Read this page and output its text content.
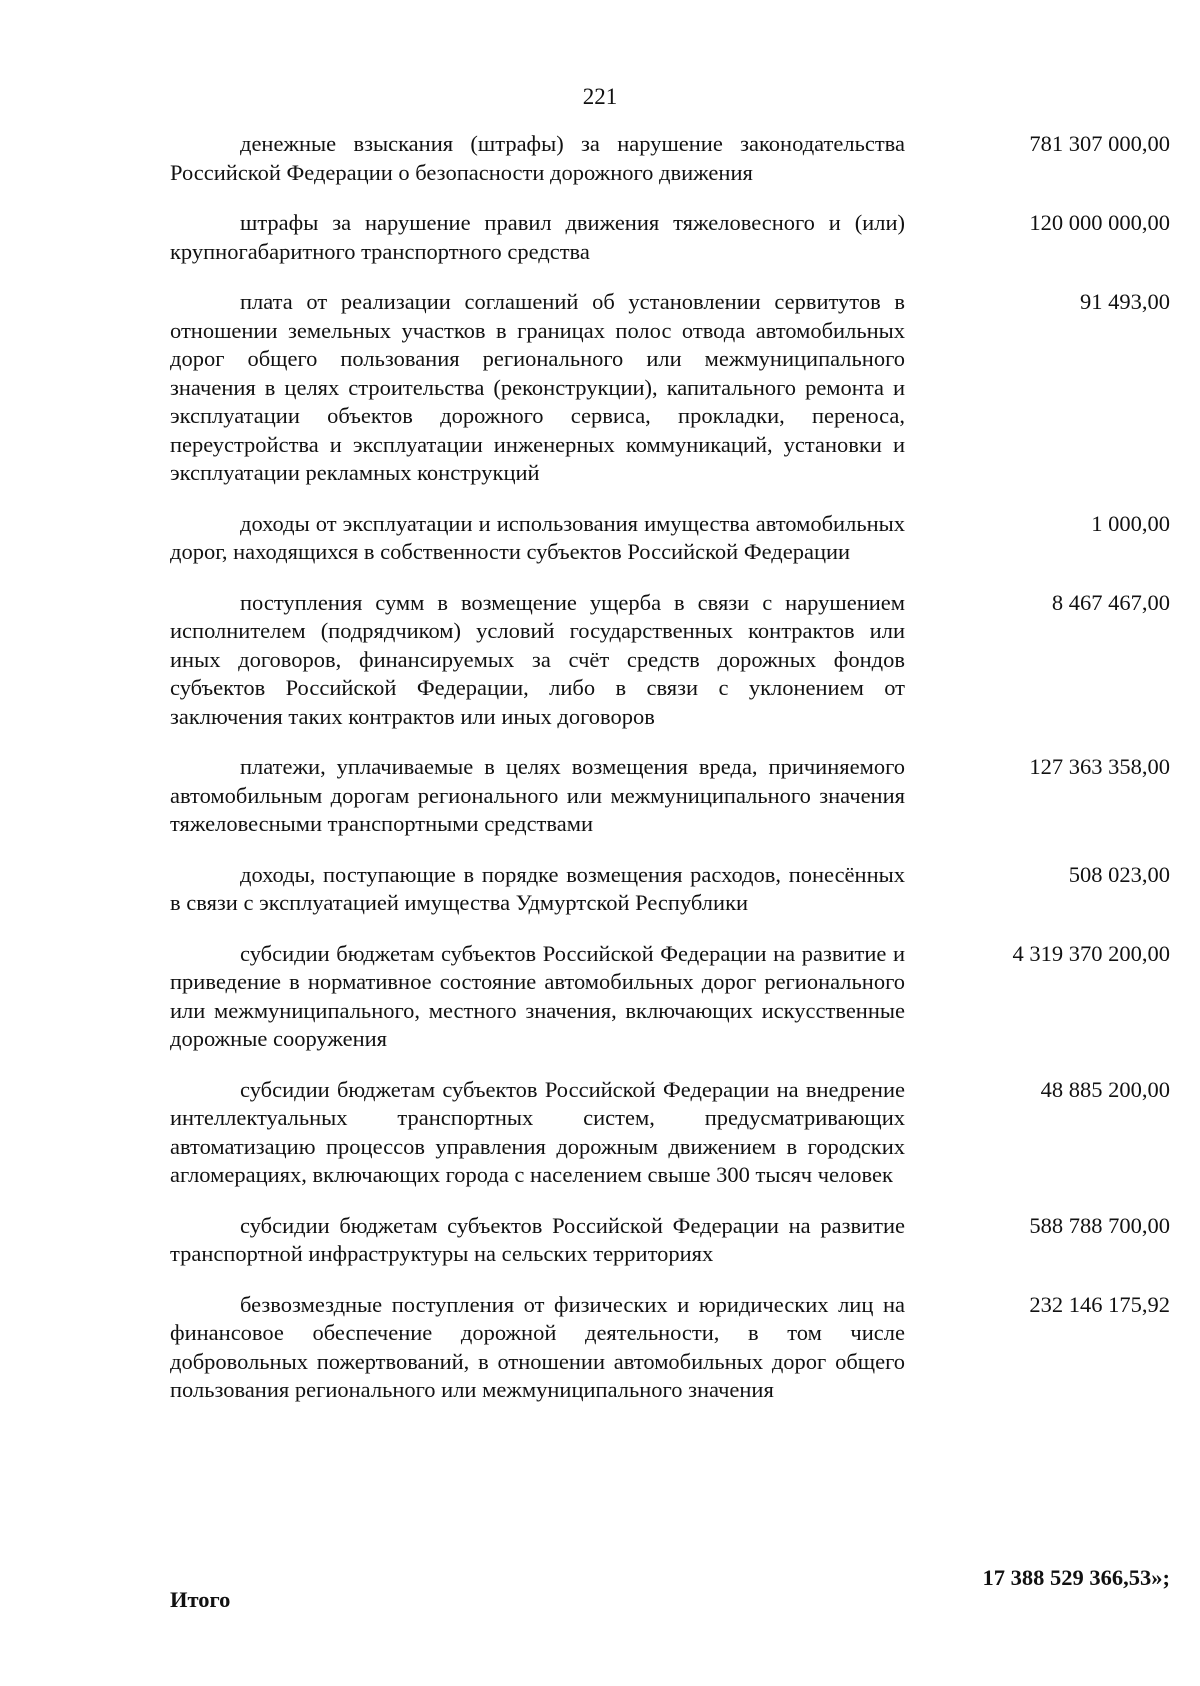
221

денежные взыскания (штрафы) за нарушение законодательства Российской Федерации о безопасности дорожного движения

781 307 000,00

штрафы за нарушение правил движения тяжеловесного и (или) крупногабаритного транспортного средства

120 000 000,00

плата от реализации соглашений об установлении сервитутов в отношении земельных участков в границах полос отвода автомобильных дорог общего пользования регионального или межмуниципального значения в целях строительства (реконструкции), капитального ремонта и эксплуатации объектов дорожного сервиса, прокладки, переноса, переустройства и эксплуатации инженерных коммуникаций, установки и эксплуатации рекламных конструкций

91 493,00

доходы от эксплуатации и использования имущества автомобильных дорог, находящихся в собственности субъектов Российской Федерации

1 000,00

поступления сумм в возмещение ущерба в связи с нарушением исполнителем (подрядчиком) условий государственных контрактов или иных договоров, финансируемых за счёт средств дорожных фондов субъектов Российской Федерации, либо в связи с уклонением от заключения таких контрактов или иных договоров

8 467 467,00

платежи, уплачиваемые в целях возмещения вреда, причиняемого автомобильным дорогам регионального или межмуниципального значения тяжеловесными транспортными средствами

127 363 358,00

доходы, поступающие в порядке возмещения расходов, понесённых в связи с эксплуатацией имущества Удмуртской Республики

508 023,00

субсидии бюджетам субъектов Российской Федерации на развитие и приведение в нормативное состояние автомобильных дорог регионального или межмуниципального, местного значения, включающих искусственные дорожные сооружения

4 319 370 200,00

субсидии бюджетам субъектов Российской Федерации на внедрение интеллектуальных транспортных систем, предусматривающих автоматизацию процессов управления дорожным движением в городских агломерациях, включающих города с населением свыше 300 тысяч человек

48 885 200,00

субсидии бюджетам субъектов Российской Федерации на развитие транспортной инфраструктуры на сельских территориях

588 788 700,00

безвозмездные поступления от физических и юридических лиц на финансовое обеспечение дорожной деятельности, в том числе добровольных пожертвований, в отношении автомобильных дорог общего пользования регионального или межмуниципального значения

232 146 175,92
Итого
17 388 529 366,53»;
